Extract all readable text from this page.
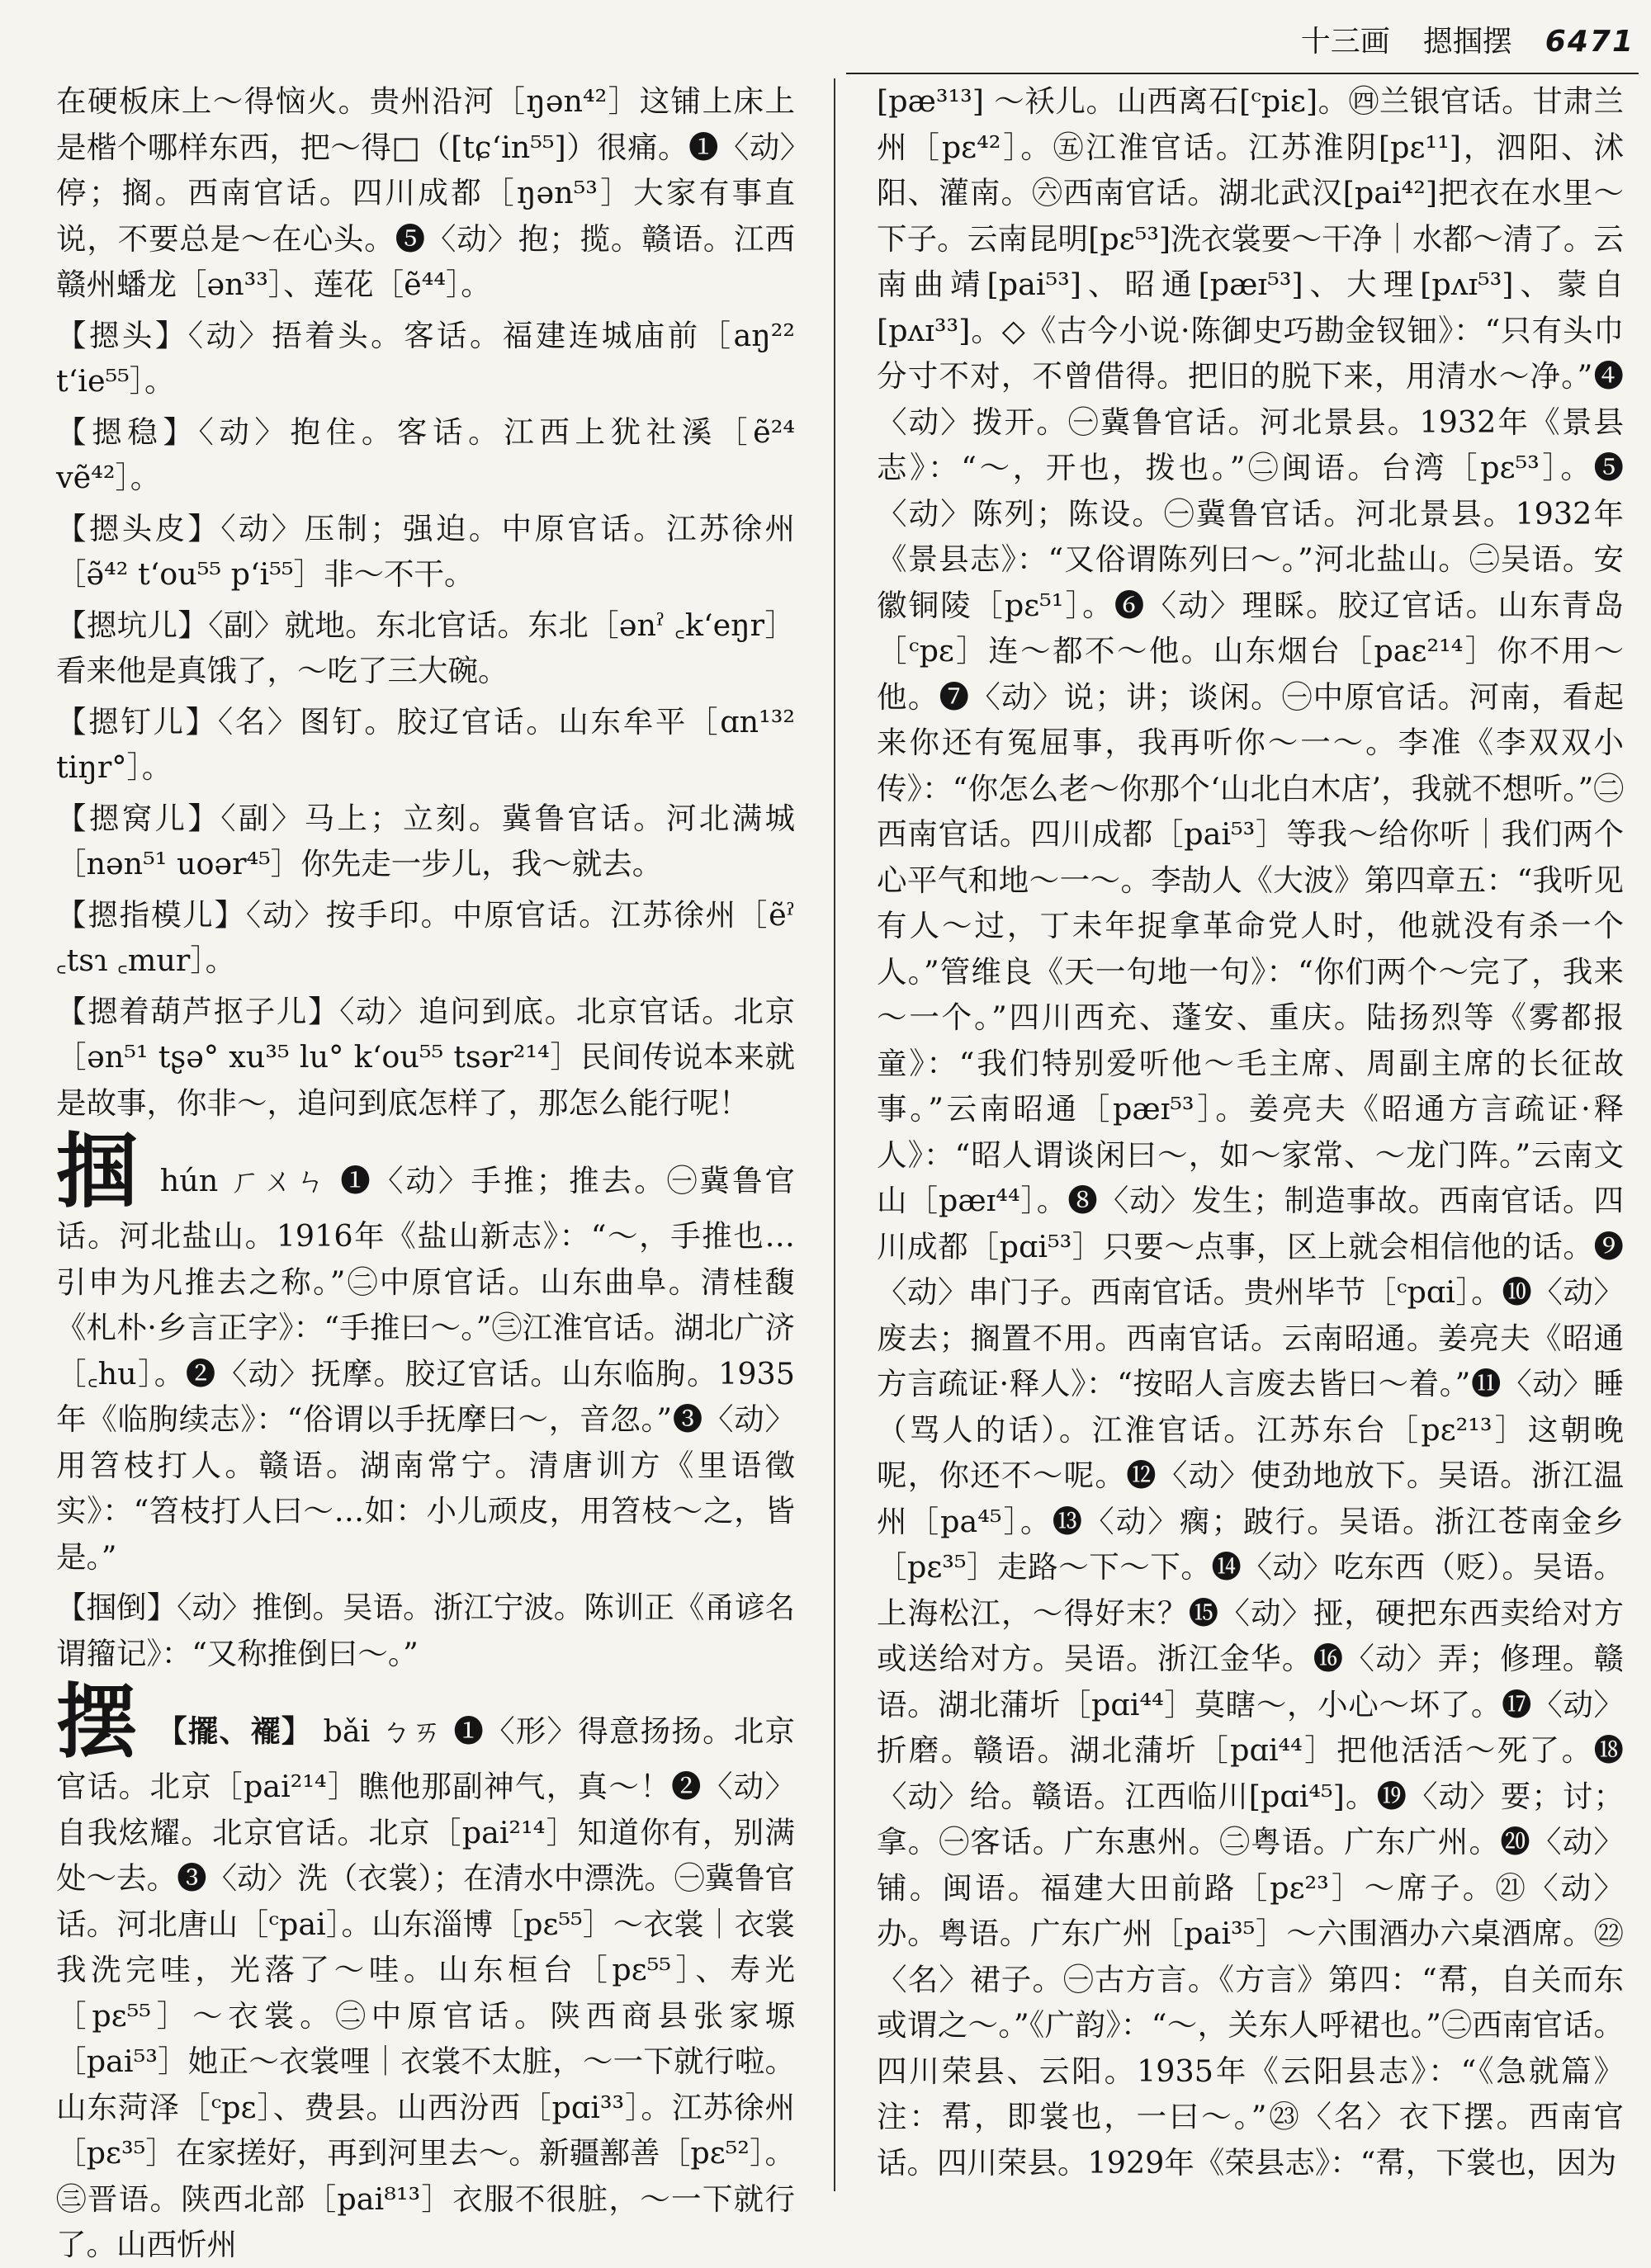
十三画 摁掴摆 6471

在硬板床上～得恼火。贵州沿河［ŋən⁴²］这铺上床上是楷个哪样东西，把～得□（[tɕʻin⁵⁵]）很痛。❶〈动〉停；搁。西南官话。四川成都［ŋən⁵³］大家有事直说，不要总是～在心头。❺〈动〉抱；揽。赣语。江西赣州蟠龙［ən³³］、莲花［ẽ⁴⁴］。

【摁头】〈动〉捂着头。客话。福建连城庙前［aŋ²² tʻie⁵⁵］。

【摁稳】〈动〉抱住。客话。江西上犹社溪［ẽ²⁴ vẽ⁴²］。

【摁头皮】〈动〉压制；强迫。中原官话。江苏徐州［ə̃⁴² tʻou⁵⁵ pʻi⁵⁵］非～不干。

【摁坑儿】〈副〉就地。东北官话。东北［ənˀ ꜀kʻeŋr］看来他是真饿了，～吃了三大碗。

【摁钉儿】〈名〉图钉。胶辽官话。山东牟平［ɑn¹³² tiŋr°］。

【摁窝儿】〈副〉马上；立刻。冀鲁官话。河北满城［nən⁵¹ uoər⁴⁵］你先走一步儿，我～就去。

【摁指模儿】〈动〉按手印。中原官话。江苏徐州［ẽˀ ꜀tsɿ ꜀mur］。

【摁着葫芦抠子儿】〈动〉追问到底。北京官话。北京［ən⁵¹ tʂə° xu³⁵ lu° kʻou⁵⁵ tsər²¹⁴］民间传说本来就是故事，你非～，追问到底怎样了，那怎么能行呢！

掴 hún ㄏㄨㄣ ❶〈动〉手推；推去。㊀冀鲁官话。河北盐山。1916年《盐山新志》：“～，手推也…引申为凡推去之称。”㊁中原官话。山东曲阜。清桂馥《札朴·乡言正字》：“手推曰～。”㊂江淮官话。湖北广济［꜀hu］。❷〈动〉抚摩。胶辽官话。山东临朐。1935年《临朐续志》：“俗谓以手抚摩曰～，音忽。”❸〈动〉用笤枝打人。赣语。湖南常宁。清唐训方《里语徵实》：“笤枝打人曰～…如：小儿顽皮，用笤枝～之，皆是。”

【掴倒】〈动〉推倒。吴语。浙江宁波。陈训正《甬谚名谓籀记》：“又称推倒曰～。”

摆 【擺、襬】 bǎi ㄅㄞ ❶〈形〉得意扬扬。北京官话。北京［pai²¹⁴］瞧他那副神气，真～！❷〈动〉自我炫耀。北京官话。北京［pai²¹⁴］知道你有，别满处～去。❸〈动〉洗（衣裳）；在清水中漂洗。㊀冀鲁官话。河北唐山［ᶜpai］。山东淄博［pɛ⁵⁵］～衣裳｜衣裳我洗完哇，光落了～哇。山东桓台［pɛ⁵⁵］、寿光［pɛ⁵⁵］～衣裳。㊁中原官话。陕西商县张家塬［pai⁵³］她正～衣裳哩｜衣裳不太脏，～一下就行啦。山东菏泽［ᶜpɛ］、费县。山西汾西［pɑi³³］。江苏徐州［pɛ³⁵］在家搓好，再到河里去～。新疆鄯善［pɛ⁵²］。㊂晋语。陕西北部［pai⁸¹³］衣服不很脏，～一下就行了。山西忻州

[pæ³¹³] ～袄儿。山西离石[ᶜpiɛ]。㊃兰银官话。甘肃兰州［pɛ⁴²］。㊄江淮官话。江苏淮阴[pɛ¹¹]，泗阳、沭阳、灌南。㊅西南官话。湖北武汉[pai⁴²]把衣在水里～下子。云南昆明[pɛ⁵³]洗衣裳要～干净｜水都～清了。云南曲靖[pai⁵³]、昭通[pæɪ⁵³]、大理[pʌɪ⁵³]、蒙自[pʌɪ³³]。◇《古今小说·陈御史巧勘金钗钿》：“只有头巾分寸不对，不曾借得。把旧的脱下来，用清水～净。”❹〈动〉拨开。㊀冀鲁官话。河北景县。1932年《景县志》：“～，开也，拨也。”㊁闽语。台湾［pɛ⁵³］。❺〈动〉陈列；陈设。㊀冀鲁官话。河北景县。1932年《景县志》：“又俗谓陈列曰～。”河北盐山。㊁吴语。安徽铜陵［pɛ⁵¹］。❻〈动〉理睬。胶辽官话。山东青岛［ᶜpɛ］连～都不～他。山东烟台［paɛ²¹⁴］你不用～他。❼〈动〉说；讲；谈闲。㊀中原官话。河南，看起来你还有冤屈事，我再听你～一～。李准《李双双小传》：“你怎么老～你那个‘山北白木店’，我就不想听。”㊁西南官话。四川成都［pai⁵³］等我～给你听｜我们两个心平气和地～一～。李劼人《大波》第四章五：“我听见有人～过，丁未年捉拿革命党人时，他就没有杀一个人。”管维良《天一句地一句》：“你们两个～完了，我来～一个。”四川西充、蓬安、重庆。陆扬烈等《雾都报童》：“我们特别爱听他～毛主席、周副主席的长征故事。”云南昭通［pæɪ⁵³］。姜亮夫《昭通方言疏证·释人》：“昭人谓谈闲曰～，如～家常、～龙门阵。”云南文山［pæɪ⁴⁴］。❽〈动〉发生；制造事故。西南官话。四川成都［pɑi⁵³］只要～点事，区上就会相信他的话。❾〈动〉串门子。西南官话。贵州毕节［ᶜpɑi］。❿〈动〉废去；搁置不用。西南官话。云南昭通。姜亮夫《昭通方言疏证·释人》：“按昭人言废去皆曰～着。”⓫〈动〉睡（骂人的话）。江淮官话。江苏东台［pɛ²¹³］这朝晚呢，你还不～呢。⓬〈动〉使劲地放下。吴语。浙江温州［pa⁴⁵］。⓭〈动〉瘸；跛行。吴语。浙江苍南金乡［pɛ³⁵］走路～下～下。⓮〈动〉吃东西（贬）。吴语。上海松江，～得好末？⓯〈动〉挜，硬把东西卖给对方或送给对方。吴语。浙江金华。⓰〈动〉弄；修理。赣语。湖北蒲圻［pɑi⁴⁴］莫瞎～，小心～坏了。⓱〈动〉折磨。赣语。湖北蒲圻［pɑi⁴⁴］把他活活～死了。⓲〈动〉给。赣语。江西临川[pɑi⁴⁵]。⓳〈动〉要；讨；拿。㊀客话。广东惠州。㊁粤语。广东广州。⓴〈动〉铺。闽语。福建大田前路［pɛ²³］～席子。㉑〈动〉办。粤语。广东广州［pai³⁵］～六围酒办六桌酒席。㉒〈名〉裙子。㊀古方言。《方言》第四：“帬，自关而东或谓之～。”《广韵》：“～，关东人呼裙也。”㊁西南官话。四川荣县、云阳。1935年《云阳县志》：“《急就篇》注：帬，即裳也，一曰～。”㉓〈名〉衣下摆。西南官话。四川荣县。1929年《荣县志》：“帬，下裳也，因为
